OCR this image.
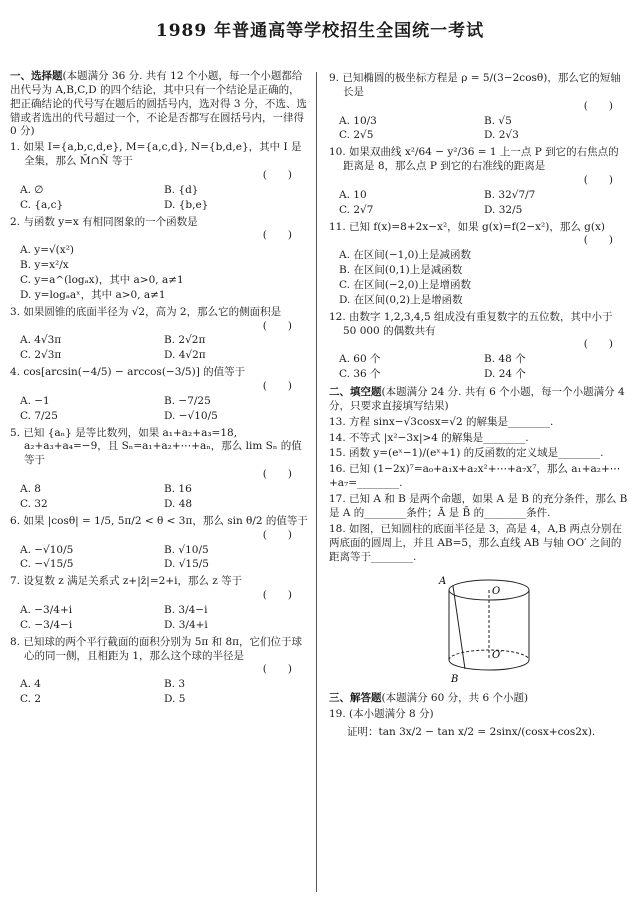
1989 年普通高等学校招生全国统一考试
一、选择题(本题满分 36 分. 共有 12 个小题，每一个小题都给出代号为 A,B,C,D 的四个结论，其中只有一个结论是正确的，把正确结论的代号写在题后的圆括号内，选对得 3 分，不选、选错或者选出的代号超过一个，不论是否都写在圆括号内，一律得 0 分)
1. 如果 I={a,b,c,d,e}, M={a,c,d}, N={b,d,e}，其中 I 是全集，那么 M̄∩N̄ 等于
(　　)
A. ∅	B. {d}
C. {a,c}	D. {b,e}
2. 与函数 y=x 有相同图象的一个函数是
(　　)
A. y=√(x²)
B. y=x²/x
C. y=a^(logₐx)，其中 a>0, a≠1
D. y=logₐaˣ，其中 a>0, a≠1
3. 如果圆锥的底面半径为 √2，高为 2，那么它的侧面积是
(　　)
A. 4√3π	B. 2√2π
C. 2√3π	D. 4√2π
4. cos[arcsin(−4/5) − arccos(−3/5)] 的值等于
(　　)
A. −1	B. −7/25
C. 7/25	D. −√10/5
5. 已知 {aₙ} 是等比数列，如果 a₁+a₂+a₃=18, a₂+a₃+a₄=−9，且 Sₙ=a₁+a₂+⋯+aₙ，那么 lim Sₙ 的值等于
(　　)
A. 8	B. 16
C. 32	D. 48
6. 如果 |cosθ| = 1/5, 5π/2 < θ < 3π，那么 sin θ/2 的值等于
(　　)
A. −√10/5	B. √10/5
C. −√15/5	D. √15/5
7. 设复数 z 满足关系式 z+|z̄|=2+i，那么 z 等于
(　　)
A. −3/4+i	B. 3/4−i
C. −3/4−i	D. 3/4+i
8. 已知球的两个平行截面的面积分别为 5π 和 8π，它们位于球心的同一侧，且相距为 1，那么这个球的半径是
(　　)
A. 4	B. 3
C. 2	D. 5
9. 已知椭圆的极坐标方程是 ρ = 5/(3−2cosθ)，那么它的短轴长是
(　　)
A. 10/3	B. √5
C. 2√5	D. 2√3
10. 如果双曲线 x²/64 − y²/36 = 1 上一点 P 到它的右焦点的距离是 8，那么点 P 到它的右准线的距离是
(　　)
A. 10	B. 32√7/7
C. 2√7	D. 32/5
11. 已知 f(x)=8+2x−x²，如果 g(x)=f(2−x²)，那么 g(x)
(　　)
A. 在区间(−1,0)上是减函数
B. 在区间(0,1)上是减函数
C. 在区间(−2,0)上是增函数
D. 在区间(0,2)上是增函数
12. 由数字 1,2,3,4,5 组成没有重复数字的五位数，其中小于 50 000 的偶数共有
(　　)
A. 60 个	B. 48 个
C. 36 个	D. 24 个
二、填空题(本题满分 24 分. 共有 6 个小题，每一个小题满分 4 分，只要求直接填写结果)
13. 方程 sinx−√3cosx=√2 的解集是________.
14. 不等式 |x²−3x|>4 的解集是________.
15. 函数 y=(eˣ−1)/(eˣ+1) 的反函数的定义域是________.
16. 已知 (1−2x)⁷=a₀+a₁x+a₂x²+⋯+a₇x⁷，那么 a₁+a₂+⋯+a₇=________.
17. 已知 A 和 B 是两个命题，如果 A 是 B 的充分条件，那么 B 是 A 的________条件；Ā 是 B̄ 的________条件.
18. 如图，已知圆柱的底面半径是 3，高是 4，A,B 两点分别在两底面的圆周上，并且 AB=5，那么直线 AB 与轴 OO′ 之间的距离等于________.
A
O
O′
B
三、解答题(本题满分 60 分，共 6 个小题)
19. (本小题满分 8 分)
证明：tan 3x/2 − tan x/2 = 2sinx/(cosx+cos2x).
